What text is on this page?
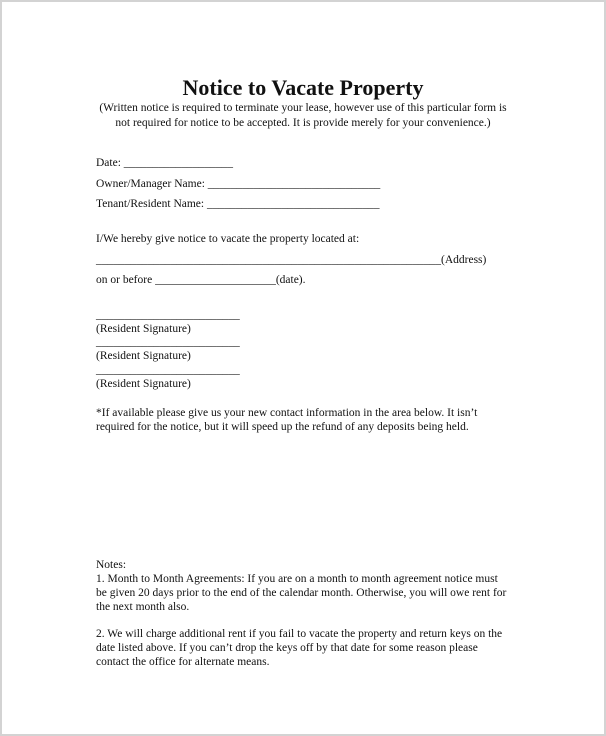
Notice to Vacate Property
(Written notice is required to terminate your lease, however use of this particular form is
not required for notice to be accepted. It is provide merely for your convenience.)
Date: ___________________
Owner/Manager Name: ______________________________
Tenant/Resident Name: ______________________________
I/We hereby give notice to vacate the property located at:
____________________________________________________________(Address)
on or before _____________________(date).
_________________________
(Resident Signature)
_________________________
(Resident Signature)
_________________________
(Resident Signature)
*If available please give us your new contact information in the area below. It isn’t
required for the notice, but it will speed up the refund of any deposits being held.
Notes:
1. Month to Month Agreements: If you are on a month to month agreement notice must
be given 20 days prior to the end of the calendar month. Otherwise, you will owe rent for
the next month also.
2. We will charge additional rent if you fail to vacate the property and return keys on the
date listed above. If you can’t drop the keys off by that date for some reason please
contact the office for alternate means.
